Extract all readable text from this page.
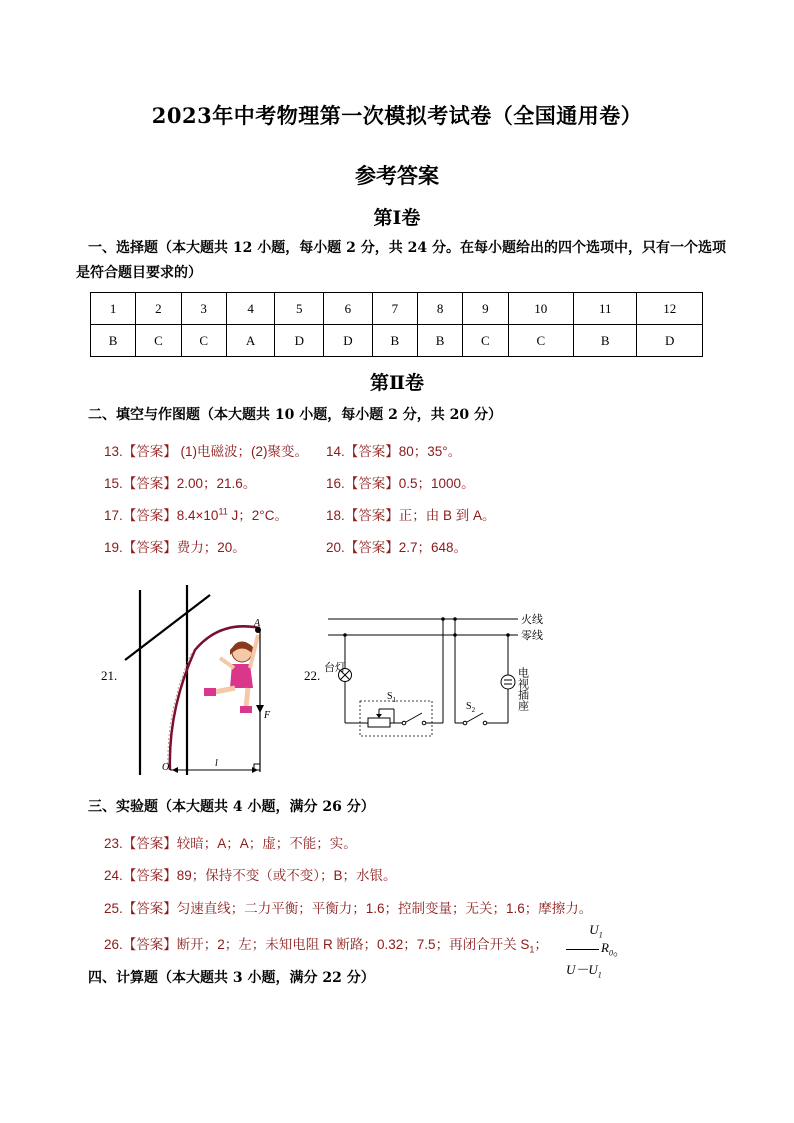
2023年中考物理第一次模拟考试卷（全国通用卷）
参考答案
第Ⅰ卷
一、选择题（本大题共 12 小题，每小题 2 分，共 24 分。在每小题给出的四个选项中，只有一个选项是符合题目要求的）
1	2	3	4	5	6	7	8	9	10	11	12
B	C	C	A	D	D	B	B	C	C	B	D
第Ⅱ卷
二、填空与作图题（本大题共 10 小题，每小题 2 分，共 20 分）
13.【答案】 (1)电磁波；(2)聚变。 14.【答案】80；35°。
15.【答案】2.00；21.6。	16.【答案】0.5；1000。
17.【答案】$8.4\times 10^{11}$ J；2°C。	18.【答案】正；由 B 到 A。
19.【答案】费力；20。	20.【答案】2.7；648。
21.	22.
A
F
O	l
火线
零线
台灯
$S_1$
$S_2$	电视插座
三、实验题（本大题共 4 小题，满分 26 分）
23.【答案】较暗；A；A；虚；不能；实。
24.【答案】89；保持不变（或不变）；B；水银。
25.【答案】匀速直线；二力平衡；平衡力；1.6；控制变量；无关；1.6；摩擦力。
26.【答案】断开；2；左；未知电阻 R 断路；0.32；7.5；再闭合开关 $S_1$；
$U_1$
$R_0$ 。
$U-U_1$
四、计算题（本大题共 3 小题，满分 22 分）
